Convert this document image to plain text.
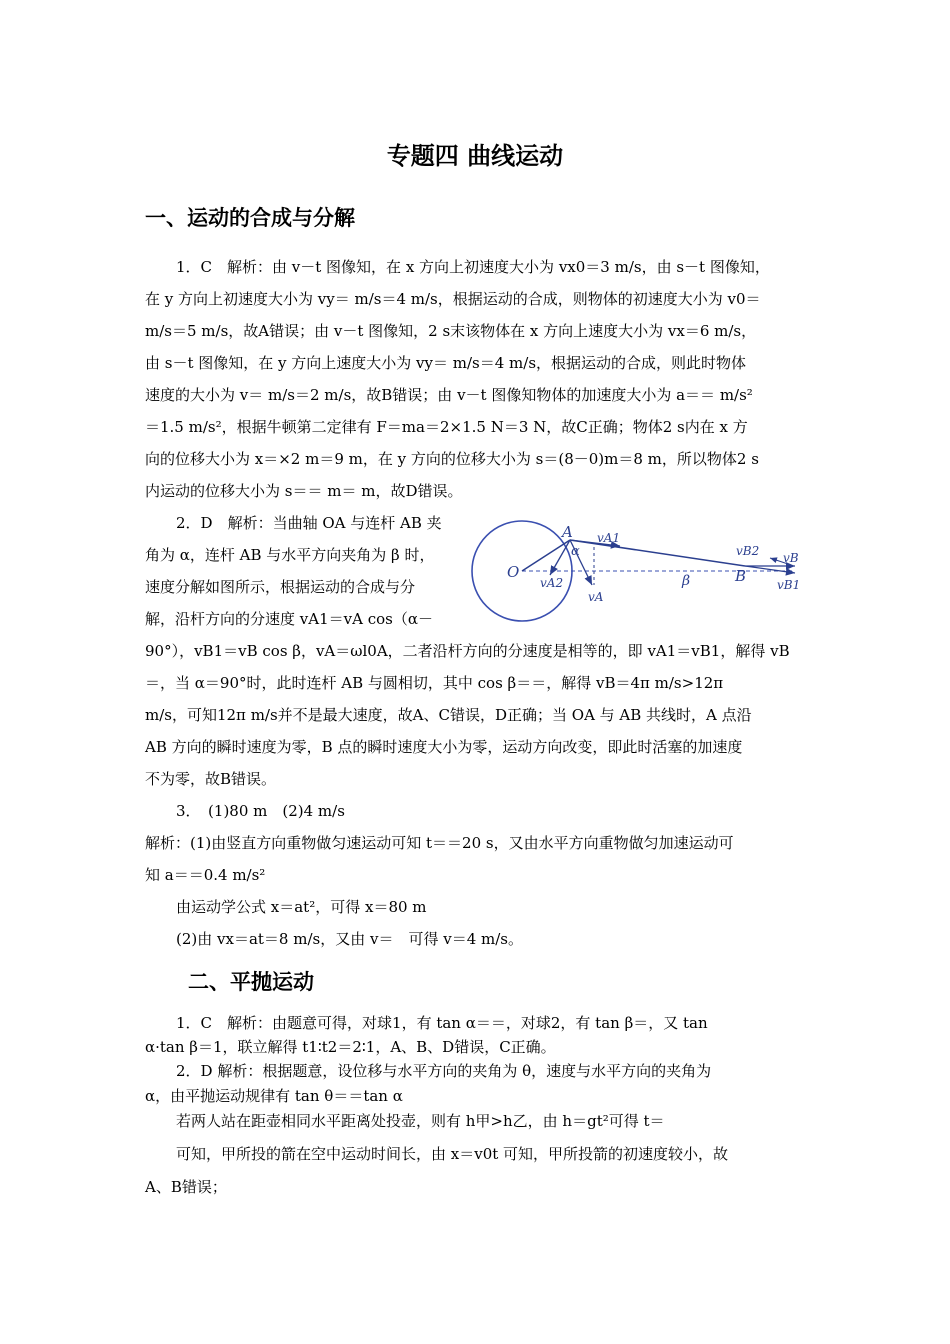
专题四 曲线运动
一、运动的合成与分解
二、平抛运动
1．C　解析：由 v－t 图像知，在 x 方向上初速度大小为 vx0＝3 m/s，由 s－t 图像知，
在 y 方向上初速度大小为 vy＝ m/s＝4 m/s，根据运动的合成，则物体的初速度大小为 v0＝
m/s＝5 m/s，故A错误；由 v－t 图像知，2 s末该物体在 x 方向上速度大小为 vx＝6 m/s，
由 s－t 图像知，在 y 方向上速度大小为 vy＝ m/s＝4 m/s，根据运动的合成，则此时物体
速度的大小为 v＝ m/s＝2 m/s，故B错误；由 v－t 图像知物体的加速度大小为 a＝＝ m/s²
＝1.5 m/s²，根据牛顿第二定律有 F＝ma＝2×1.5 N＝3 N，故C正确；物体2 s内在 x 方
向的位移大小为 x＝×2 m＝9 m，在 y 方向的位移大小为 s＝(8－0)m＝8 m，所以物体2 s
内运动的位移大小为 s＝＝ m＝ m，故D错误。
2．D　解析：当曲轴 OA 与连杆 AB 夹
角为 α，连杆 AB 与水平方向夹角为 β 时，
速度分解如图所示，根据运动的合成与分
解，沿杆方向的分速度 vA1＝vA cos（α－
90°），vB1＝vB cos β，vA＝ωl0A，二者沿杆方向的分速度是相等的，即 vA1＝vB1，解得 vB
＝，当 α＝90°时，此时连杆 AB 与圆相切，其中 cos β＝＝，解得 vB＝4π m/s>12π
m/s，可知12π m/s并不是最大速度，故A、C错误，D正确；当 OA 与 AB 共线时，A 点沿
AB 方向的瞬时速度为零，B 点的瞬时速度大小为零，运动方向改变，即此时活塞的加速度
不为零，故B错误。
3．　(1)80 m　(2)4 m/s
解析：(1)由竖直方向重物做匀速运动可知 t＝＝20 s，又由水平方向重物做匀加速运动可
知 a＝＝0.4 m/s²
由运动学公式 x＝at²，可得 x＝80 m
(2)由 vx＝at＝8 m/s，又由 v＝　可得 v＝4 m/s。
1．C　解析：由题意可得，对球1，有 tan α＝＝，对球2，有 tan β＝，又 tan
α·tan β＝1，联立解得 t1∶t2＝2∶1，A、B、D错误，C正确。
2．D 解析：根据题意，设位移与水平方向的夹角为 θ，速度与水平方向的夹角为
α，由平抛运动规律有 tan θ＝＝tan α
若两人站在距壶相同水平距离处投壶，则有 h甲>h乙，由 h＝gt²可得 t＝
可知，甲所投的箭在空中运动时间长，由 x＝v0t 可知，甲所投箭的初速度较小，故
A、B错误；
O
A
B
α
β
vA1
vA2
vA
vB2 vB
vB1
